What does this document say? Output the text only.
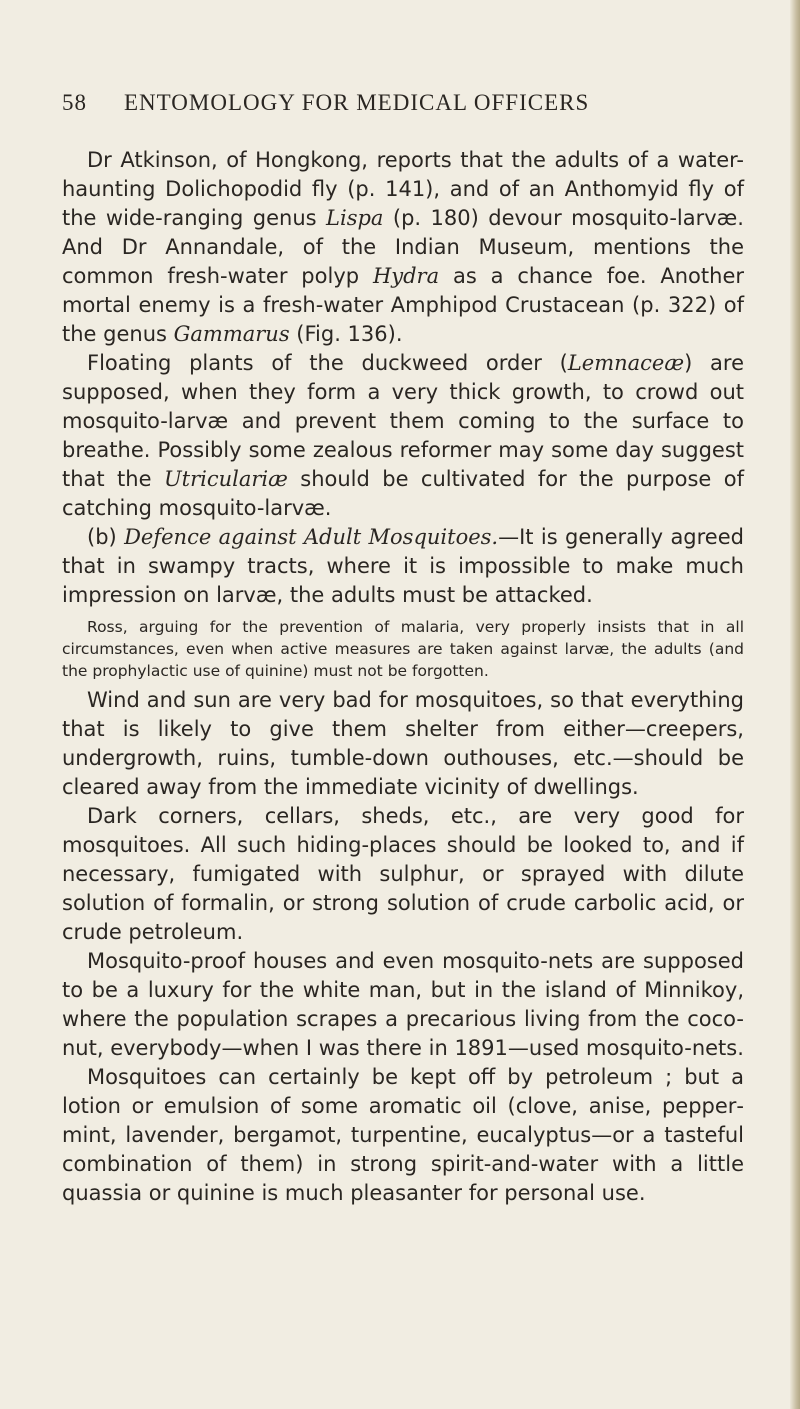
58 ENTOMOLOGY FOR MEDICAL OFFICERS

Dr Atkinson, of Hongkong, reports that the adults of a water-haunting Dolichopodid fly (p. 141), and of an Anthomyid fly of the wide-ranging genus Lispa (p. 180) devour mosquito-larvæ. And Dr Annandale, of the Indian Museum, mentions the common fresh-water polyp Hydra as a chance foe. Another mortal enemy is a fresh-water Amphipod Crustacean (p. 322) of the genus Gammarus (Fig. 136).

Floating plants of the duckweed order (Lemnaceæ) are supposed, when they form a very thick growth, to crowd out mosquito-larvæ and prevent them coming to the surface to breathe. Possibly some zealous reformer may some day suggest that the Utriculariæ should be cultivated for the purpose of catching mosquito-larvæ.

(b) Defence against Adult Mosquitoes.—It is generally agreed that in swampy tracts, where it is impossible to make much impression on larvæ, the adults must be attacked.

Ross, arguing for the prevention of malaria, very properly insists that in all circumstances, even when active measures are taken against larvæ, the adults (and the prophylactic use of quinine) must not be forgotten.

Wind and sun are very bad for mosquitoes, so that everything that is likely to give them shelter from either—creepers, undergrowth, ruins, tumble-down outhouses, etc.—should be cleared away from the immediate vicinity of dwellings.

Dark corners, cellars, sheds, etc., are very good for mosquitoes. All such hiding-places should be looked to, and if necessary, fumigated with sulphur, or sprayed with dilute solution of formalin, or strong solution of crude carbolic acid, or crude petroleum.

Mosquito-proof houses and even mosquito-nets are supposed to be a luxury for the white man, but in the island of Minnikoy, where the population scrapes a precarious living from the coco-nut, everybody—when I was there in 1891—used mosquito-nets.

Mosquitoes can certainly be kept off by petroleum ; but a lotion or emulsion of some aromatic oil (clove, anise, peppermint, lavender, bergamot, turpentine, eucalyptus—or a tasteful combination of them) in strong spirit-and-water with a little quassia or quinine is much pleasanter for personal use.
